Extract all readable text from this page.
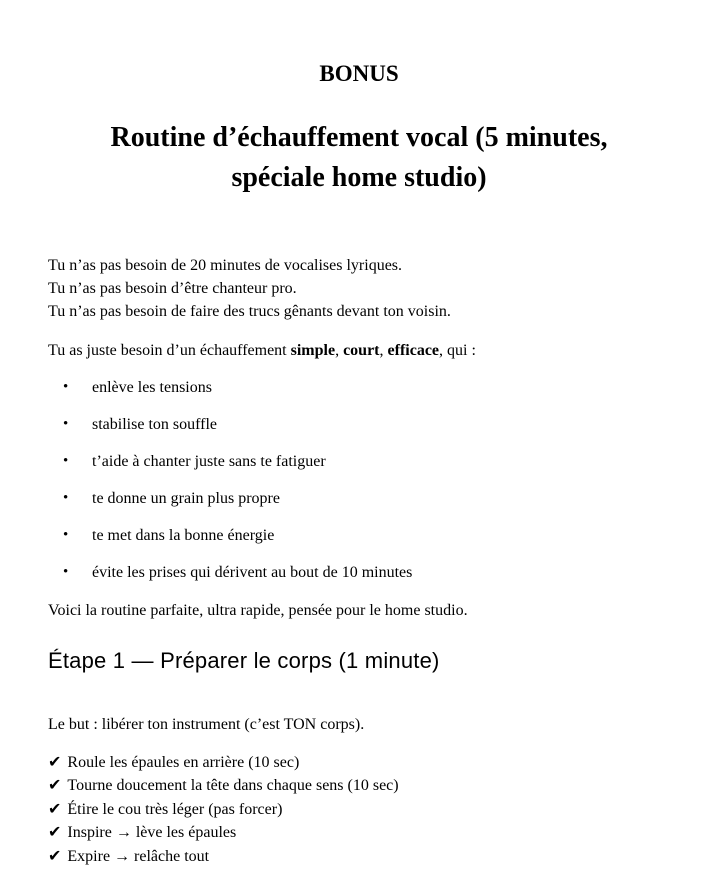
BONUS
Routine d’échauffement vocal (5 minutes,
spéciale home studio)
Tu n’as pas besoin de 20 minutes de vocalises lyriques.
Tu n’as pas besoin d’être chanteur pro.
Tu n’as pas besoin de faire des trucs gênants devant ton voisin.
Tu as juste besoin d’un échauffement simple, court, efficace, qui :
•	enlève les tensions
•	stabilise ton souffle
•	t’aide à chanter juste sans te fatiguer
•	te donne un grain plus propre
•	te met dans la bonne énergie
•	évite les prises qui dérivent au bout de 10 minutes
Voici la routine parfaite, ultra rapide, pensée pour le home studio.
Étape 1 — Préparer le corps (1 minute)
Le but : libérer ton instrument (c’est TON corps).
✔ Roule les épaules en arrière (10 sec)
✔ Tourne doucement la tête dans chaque sens (10 sec)
✔ Étire le cou très léger (pas forcer)
✔ Inspire → lève les épaules
✔ Expire → relâche tout
